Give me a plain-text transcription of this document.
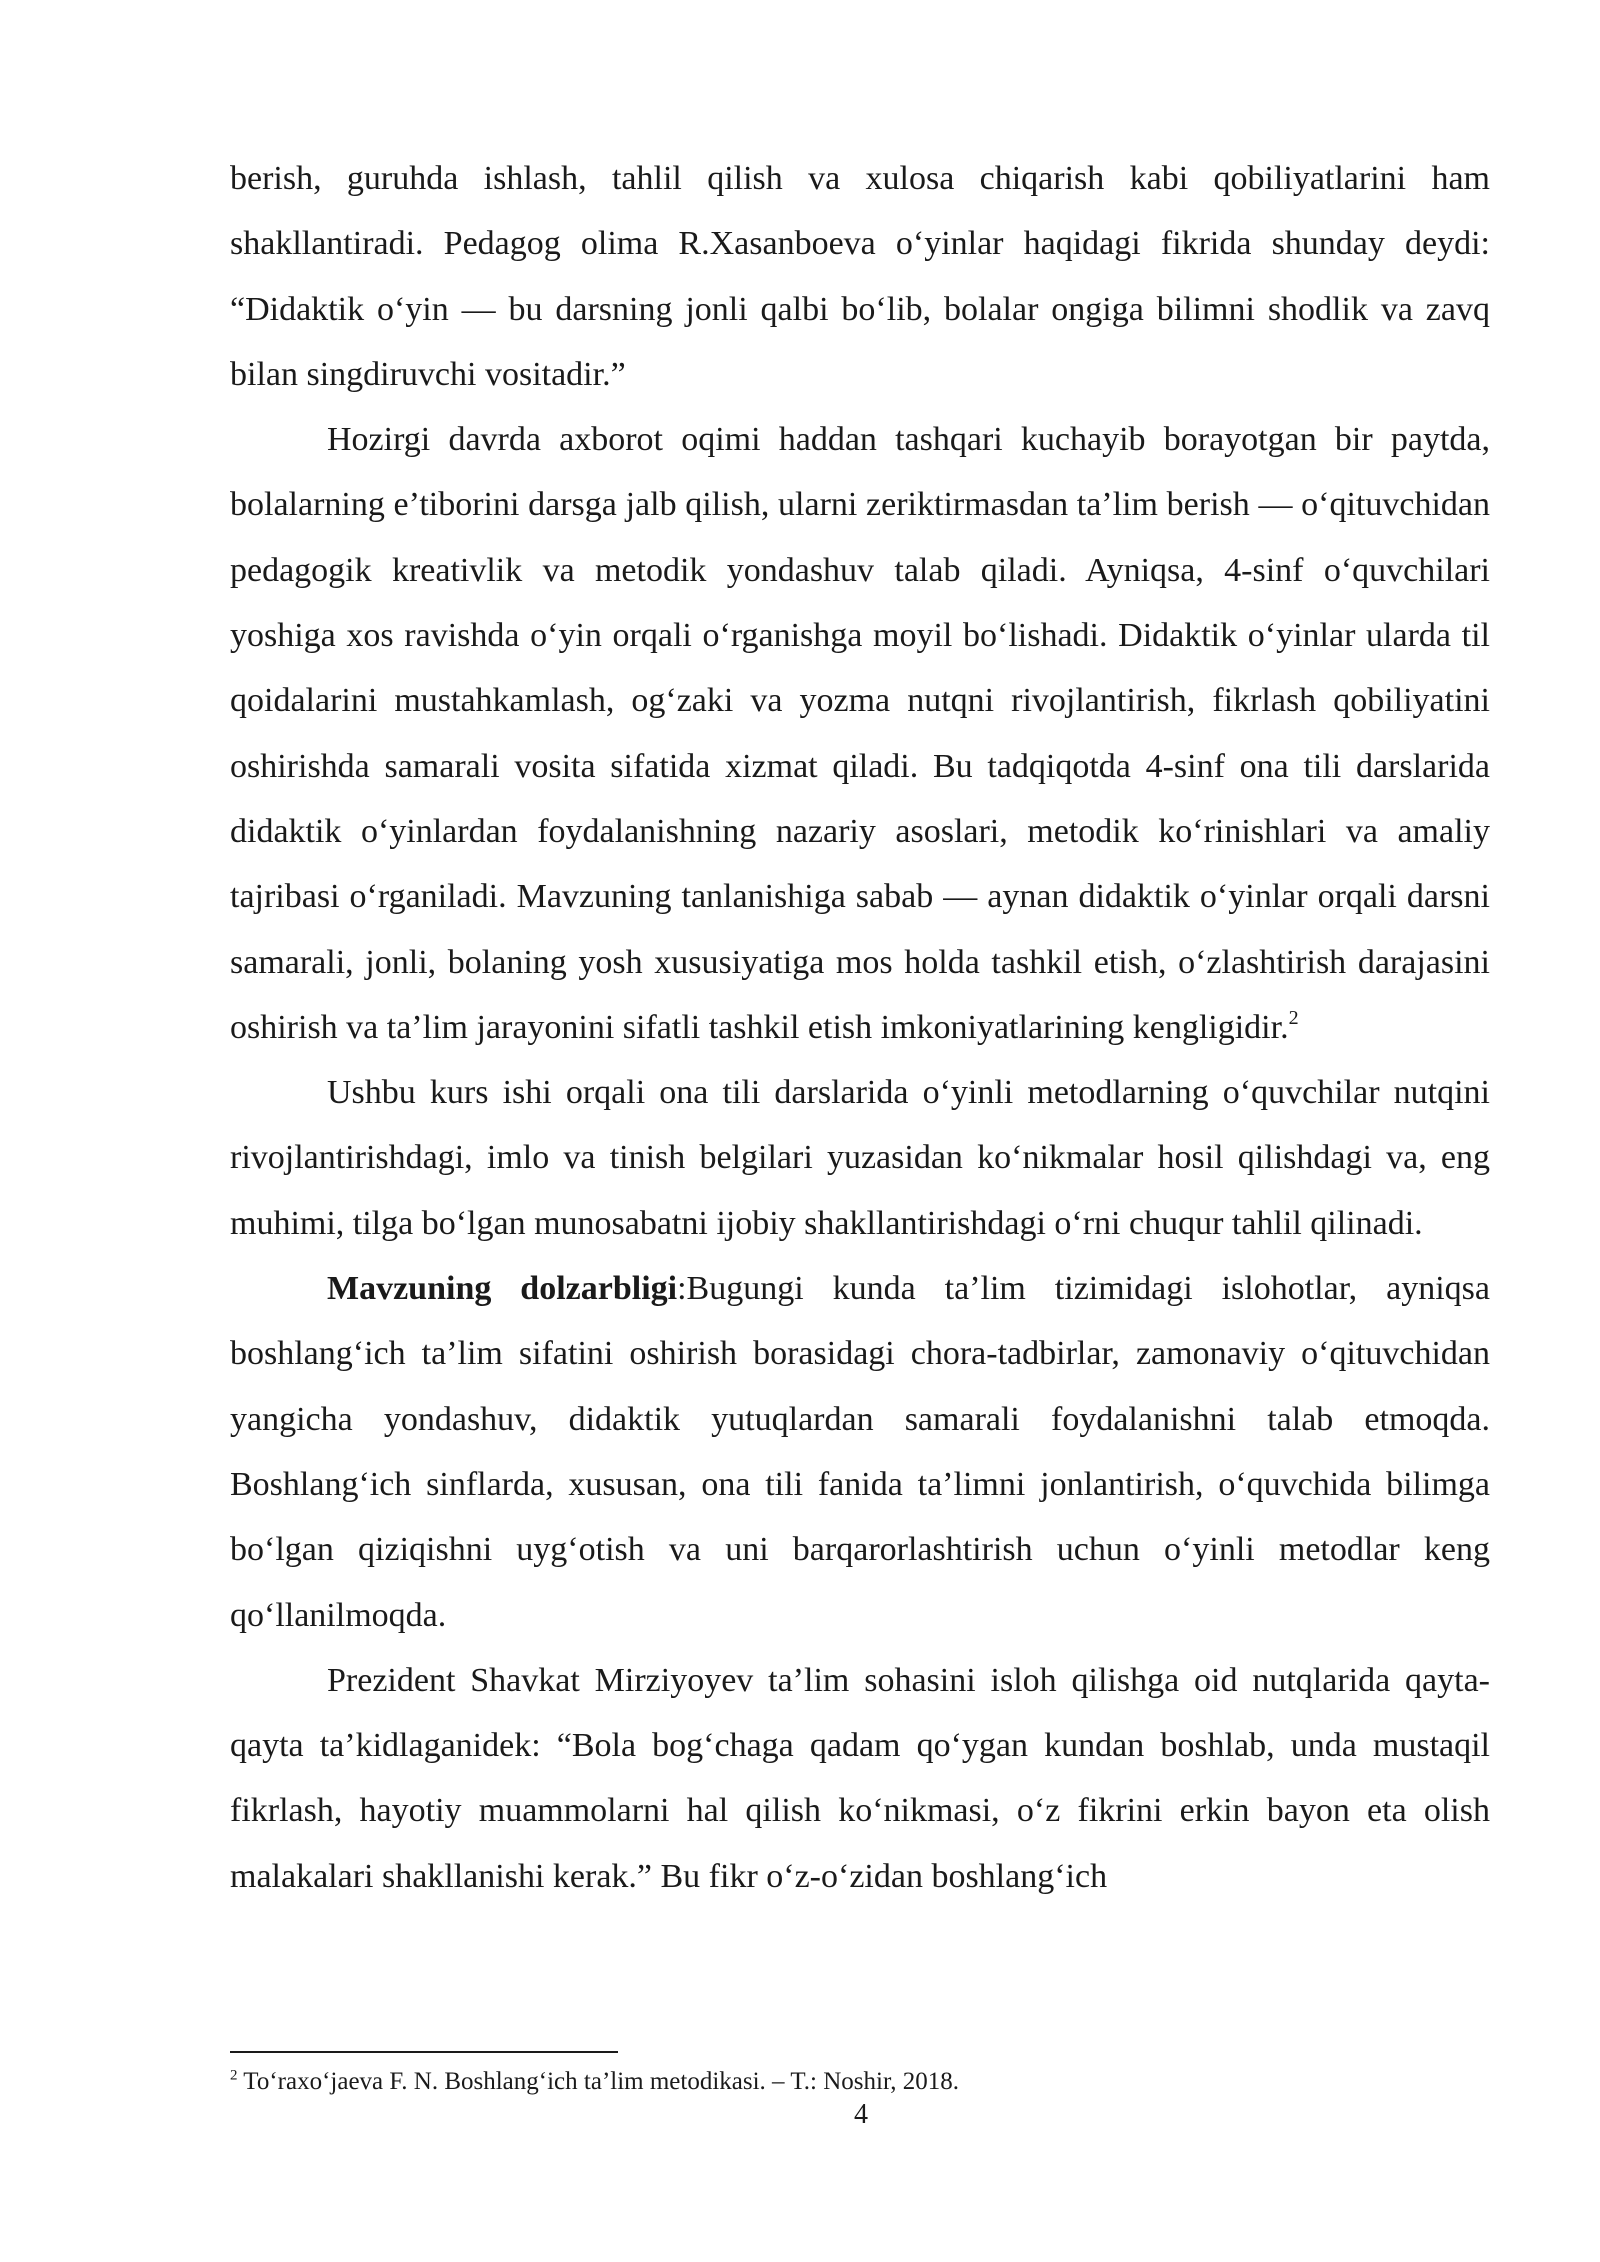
berish, guruhda ishlash, tahlil qilish va xulosa chiqarish kabi qobiliyatlarini ham shakllantiradi. Pedagog olima R.Xasanboeva o‘yinlar haqidagi fikrida shunday deydi: “Didaktik o‘yin — bu darsning jonli qalbi bo‘lib, bolalar ongiga bilimni shodlik va zavq bilan singdiruvchi vositadir.”

Hozirgi davrda axborot oqimi haddan tashqari kuchayib borayotgan bir paytda, bolalarning e’tiborini darsga jalb qilish, ularni zeriktirmasdan ta’lim berish — o‘qituvchidan pedagogik kreativlik va metodik yondashuv talab qiladi. Ayniqsa, 4-sinf o‘quvchilari yoshiga xos ravishda o‘yin orqali o‘rganishga moyil bo‘lishadi. Didaktik o‘yinlar ularda til qoidalarini mustahkamlash, og‘zaki va yozma nutqni rivojlantirish, fikrlash qobiliyatini oshirishda samarali vosita sifatida xizmat qiladi. Bu tadqiqotda 4-sinf ona tili darslarida didaktik o‘yinlardan foydalanishning nazariy asoslari, metodik ko‘rinishlari va amaliy tajribasi o‘rganiladi. Mavzuning tanlanishiga sabab — aynan didaktik o‘yinlar orqali darsni samarali, jonli, bolaning yosh xususiyatiga mos holda tashkil etish, o‘zlashtirish darajasini oshirish va ta’lim jarayonini sifatli tashkil etish imkoniyatlarining kengligidir.$^2$

Ushbu kurs ishi orqali ona tili darslarida o‘yinli metodlarning o‘quvchilar nutqini rivojlantirishdagi, imlo va tinish belgilari yuzasidan ko‘nikmalar hosil qilishdagi va, eng muhimi, tilga bo‘lgan munosabatni ijobiy shakllantirishdagi o‘rni chuqur tahlil qilinadi.

Mavzuning dolzarbligi:Bugungi kunda ta’lim tizimidagi islohotlar, ayniqsa boshlang‘ich ta’lim sifatini oshirish borasidagi chora-tadbirlar, zamonaviy o‘qituvchidan yangicha yondashuv, didaktik yutuqlardan samarali foydalanishni talab etmoqda. Boshlang‘ich sinflarda, xususan, ona tili fanida ta’limni jonlantirish, o‘quvchida bilimga bo‘lgan qiziqishni uyg‘otish va uni barqarorlashtirish uchun o‘yinli metodlar keng qo‘llanilmoqda.

Prezident Shavkat Mirziyoyev ta’lim sohasini isloh qilishga oid nutqlarida qayta-qayta ta’kidlaganidek: “Bola bog‘chaga qadam qo‘ygan kundan boshlab, unda mustaqil fikrlash, hayotiy muammolarni hal qilish ko‘nikmasi, o‘z fikrini erkin bayon eta olish malakalari shakllanishi kerak.” Bu fikr o‘z-o‘zidan boshlang‘ich

$^2$ To‘raxo‘jaeva F. N. Boshlang‘ich ta’lim metodikasi. – T.: Noshir, 2018.
4
